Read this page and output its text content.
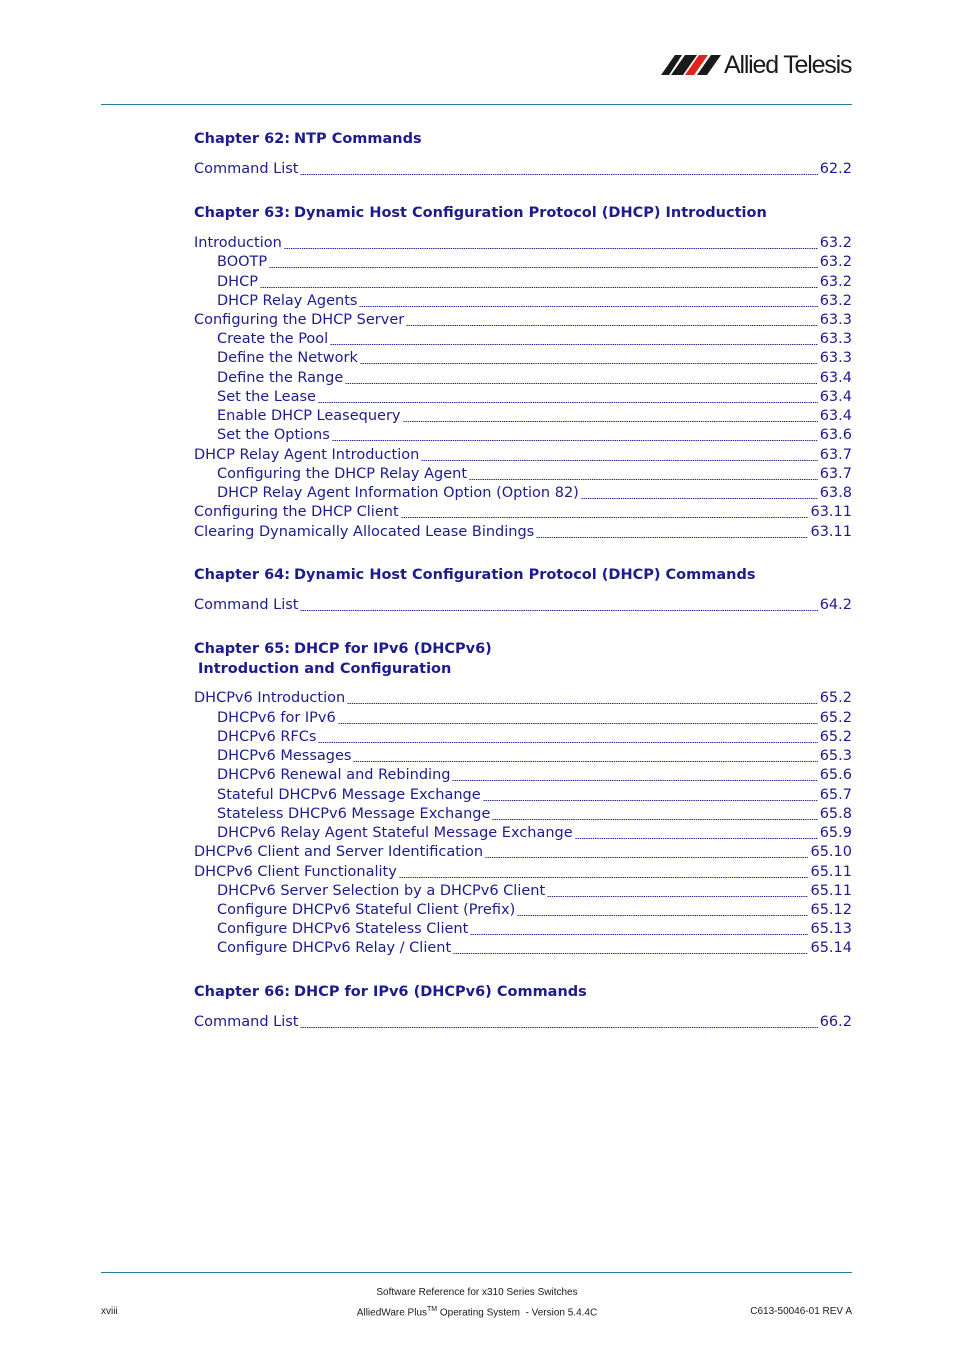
Allied Telesis
Chapter 62: NTP Commands
Command List	62.2
Chapter 63: Dynamic Host Configuration Protocol (DHCP) Introduction
Introduction	63.2
BOOTP	63.2
DHCP	63.2
DHCP Relay Agents	63.2
Configuring the DHCP Server	63.3
Create the Pool	63.3
Define the Network	63.3
Define the Range	63.4
Set the Lease	63.4
Enable DHCP Leasequery	63.4
Set the Options	63.6
DHCP Relay Agent Introduction	63.7
Configuring the DHCP Relay Agent	63.7
DHCP Relay Agent Information Option (Option 82)	63.8
Configuring the DHCP Client	63.11
Clearing Dynamically Allocated Lease Bindings	63.11
Chapter 64: Dynamic Host Configuration Protocol (DHCP) Commands
Command List	64.2
Chapter 65: DHCP for IPv6 (DHCPv6)
Introduction and Configuration
DHCPv6 Introduction	65.2
DHCPv6 for IPv6	65.2
DHCPv6 RFCs	65.2
DHCPv6 Messages	65.3
DHCPv6 Renewal and Rebinding	65.6
Stateful DHCPv6 Message Exchange	65.7
Stateless DHCPv6 Message Exchange	65.8
DHCPv6 Relay Agent Stateful Message Exchange	65.9
DHCPv6 Client and Server Identification	65.10
DHCPv6 Client Functionality	65.11
DHCPv6 Server Selection by a DHCPv6 Client	65.11
Configure DHCPv6 Stateful Client (Prefix)	65.12
Configure DHCPv6 Stateless Client	65.13
Configure DHCPv6 Relay / Client	65.14
Chapter 66: DHCP for IPv6 (DHCPv6) Commands
Command List	66.2
Software Reference for x310 Series Switches
AlliedWare Plus™ Operating System  - Version 5.4.4C
xviii	C613-50046-01 REV A
